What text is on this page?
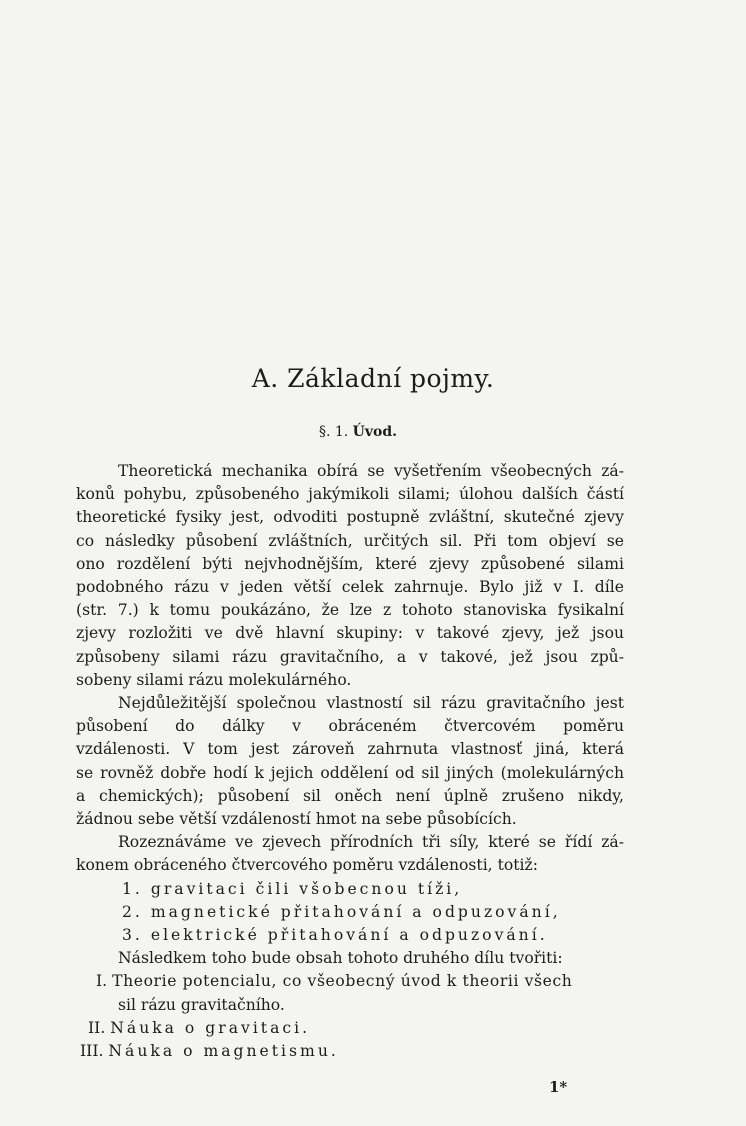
A. Základní pojmy.
§. 1. Úvod.
Theoretická mechanika obírá se vyšetřením všeobecných zá-
konů pohybu, způsobeného jakýmikoli silami; úlohou dalších částí
theoretické fysiky jest, odvoditi postupně zvláštní, skutečné zjevy
co následky působení zvláštních, určitých sil. Při tom objeví se
ono rozdělení býti nejvhodnějším, které zjevy způsobené silami
podobného rázu v jeden větší celek zahrnuje. Bylo již v I. díle
(str. 7.) k tomu poukázáno, že lze z tohoto stanoviska fysikalní
zjevy rozložiti ve dvě hlavní skupiny: v takové zjevy, jež jsou
způsobeny silami rázu gravitačního, a v takové, jež jsou způ-
sobeny silami rázu molekulárného.
Nejdůležitější společnou vlastností sil rázu gravitačního jest
působení do dálky v obráceném čtvercovém poměru
vzdálenosti. V tom jest zároveň zahrnuta vlastnosť jiná, která
se rovněž dobře hodí k jejich oddělení od sil jiných (molekulárných
a chemických); působení sil oněch není úplně zrušeno nikdy,
žádnou sebe větší vzdáleností hmot na sebe působících.
Rozeznáváme ve zjevech přírodních tři síly, které se řídí zá-
konem obráceného čtvercového poměru vzdálenosti, totiž:
1. gravitaci čili všobecnou tíži,
2. magnetické přitahování a odpuzování,
3. elektrické přitahování a odpuzování.
Následkem toho bude obsah tohoto druhého dílu tvořiti:
I. Theorie potencialu, co všeobecný úvod k theorii všech
sil rázu gravitačního.
II. Náuka o gravitaci.
III. Náuka o magnetismu.
1*
